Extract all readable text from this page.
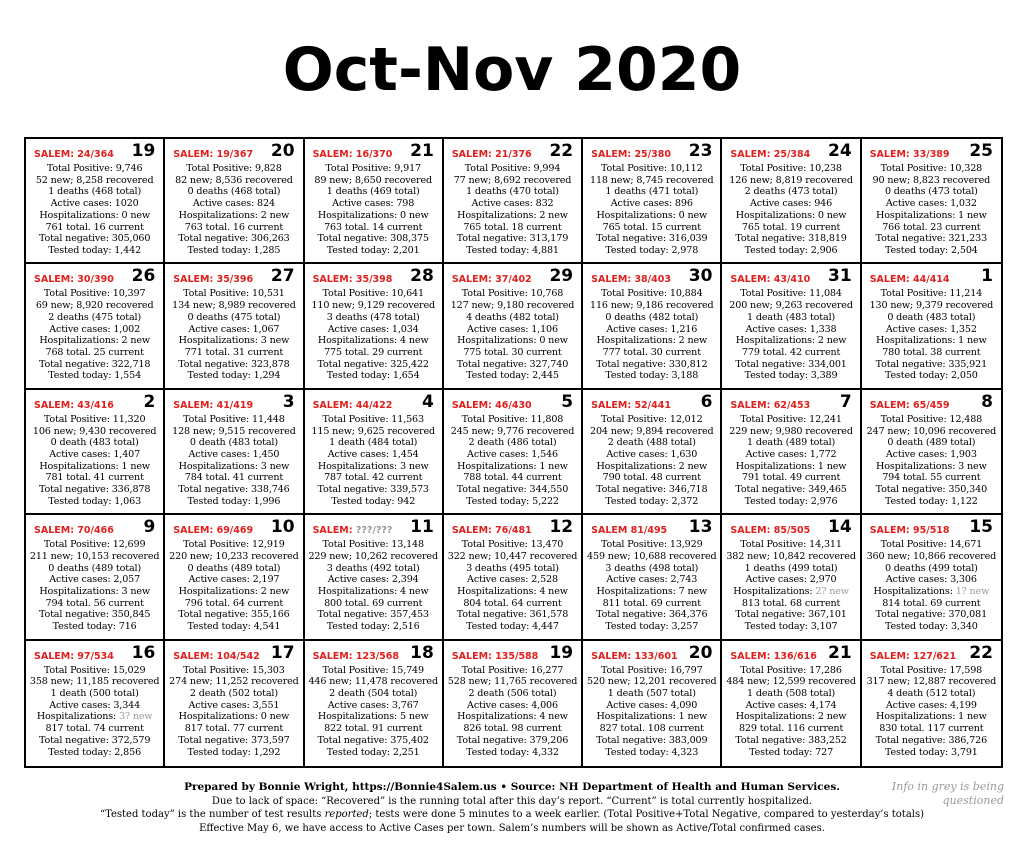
Oct-Nov 2020
SALEM: 24/364 19
Total Positive: 9,746
52 new; 8,258 recovered
1 deaths (468 total)
Active cases: 1020
Hospitalizations: 0 new
761 total. 16 current
Total negative: 305,060
Tested today: 1,442
SALEM: 19/367 20
Total Positive: 9,828
82 new; 8,536 recovered
0 deaths (468 total)
Active cases: 824
Hospitalizations: 2 new
763 total. 16 current
Total negative: 306,263
Tested today: 1,285
SALEM: 16/370 21
Total Positive: 9,917
89 new; 8,650 recovered
1 deaths (469 total)
Active cases: 798
Hospitalizations: 0 new
763 total. 14 current
Total negative: 308,375
Tested today: 2,201
SALEM: 21/376 22
Total Positive: 9,994
77 new; 8,692 recovered
1 deaths (470 total)
Active cases: 832
Hospitalizations: 2 new
765 total. 18 current
Total negative: 313,179
Tested today: 4,881
SALEM: 25/380 23
Total Positive: 10,112
118 new; 8,745 recovered
1 deaths (471 total)
Active cases: 896
Hospitalizations: 0 new
765 total. 15 current
Total negative: 316,039
Tested today: 2,978
SALEM: 25/384 24
Total Positive: 10,238
126 new; 8,819 recovered
2 deaths (473 total)
Active cases: 946
Hospitalizations: 0 new
765 total. 19 current
Total negative: 318,819
Tested today: 2,906
SALEM: 33/389 25
Total Positive: 10,328
90 new; 8,823 recovered
0 deaths (473 total)
Active cases: 1,032
Hospitalizations: 1 new
766 total. 23 current
Total negative: 321,233
Tested today: 2,504
SALEM: 30/390 26
Total Positive: 10,397
69 new; 8,920 recovered
2 deaths (475 total)
Active cases: 1,002
Hospitalizations: 2 new
768 total. 25 current
Total negative: 322,718
Tested today: 1,554
SALEM: 35/396 27
Total Positive: 10,531
134 new; 8,989 recovered
0 deaths (475 total)
Active cases: 1,067
Hospitalizations: 3 new
771 total. 31 current
Total negative: 323,878
Tested today: 1,294
SALEM: 35/398 28
Total Positive: 10,641
110 new; 9,129 recovered
3 deaths (478 total)
Active cases: 1,034
Hospitalizations: 4 new
775 total. 29 current
Total negative: 325,422
Tested today: 1,654
SALEM: 37/402 29
Total Positive: 10,768
127 new; 9,180 recovered
4 deaths (482 total)
Active cases: 1,106
Hospitalizations: 0 new
775 total. 30 current
Total negative: 327,740
Tested today: 2,445
SALEM: 38/403 30
Total Positive: 10,884
116 new; 9,186 recovered
0 deaths (482 total)
Active cases: 1,216
Hospitalizations: 2 new
777 total. 30 current
Total negative: 330,812
Tested today: 3,188
SALEM: 43/410 31
Total Positive: 11,084
200 new; 9,263 recovered
1 death (483 total)
Active cases: 1,338
Hospitalizations: 2 new
779 total. 42 current
Total negative: 334,001
Tested today: 3,389
SALEM: 44/414 1
Total Positive: 11,214
130 new; 9,379 recovered
0 death (483 total)
Active cases: 1,352
Hospitalizations: 1 new
780 total. 38 current
Total negative: 335,921
Tested today: 2,050
SALEM: 43/416 2
Total Positive: 11,320
106 new; 9,430 recovered
0 death (483 total)
Active cases: 1,407
Hospitalizations: 1 new
781 total. 41 current
Total negative: 336,878
Tested today: 1,063
SALEM: 41/419 3
Total Positive: 11,448
128 new; 9,515 recovered
0 death (483 total)
Active cases: 1,450
Hospitalizations: 3 new
784 total. 41 current
Total negative: 338,746
Tested today: 1,996
SALEM: 44/422 4
Total Positive: 11,563
115 new; 9,625 recovered
1 death (484 total)
Active cases: 1,454
Hospitalizations: 3 new
787 total. 42 current
Total negative: 339,573
Tested today: 942
SALEM: 46/430 5
Total Positive: 11,808
245 new; 9,776 recovered
2 death (486 total)
Active cases: 1,546
Hospitalizations: 1 new
788 total. 44 current
Total negative: 344,550
Tested today: 5,222
SALEM: 52/441 6
Total Positive: 12,012
204 new; 9,894 recovered
2 death (488 total)
Active cases: 1,630
Hospitalizations: 2 new
790 total. 48 current
Total negative: 346,718
Tested today: 2,372
SALEM: 62/453 7
Total Positive: 12,241
229 new; 9,980 recovered
1 death (489 total)
Active cases: 1,772
Hospitalizations: 1 new
791 total. 49 current
Total negative: 349,465
Tested today: 2,976
SALEM: 65/459 8
Total Positive: 12,488
247 new; 10,096 recovered
0 death (489 total)
Active cases: 1,903
Hospitalizations: 3 new
794 total. 55 current
Total negative: 350,340
Tested today: 1,122
SALEM: 70/466 9
Total Positive: 12,699
211 new; 10,153 recovered
0 deaths (489 total)
Active cases: 2,057
Hospitalizations: 3 new
794 total. 56 current
Total negative: 350,845
Tested today: 716
SALEM: 69/469 10
Total Positive: 12,919
220 new; 10,233 recovered
0 deaths (489 total)
Active cases: 2,197
Hospitalizations: 2 new
796 total. 64 current
Total negative: 355,166
Tested today: 4,541
SALEM: ???/??? 11
Total Positive: 13,148
229 new; 10,262 recovered
3 deaths (492 total)
Active cases: 2,394
Hospitalizations: 4 new
800 total. 69 current
Total negative: 357,453
Tested today: 2,516
SALEM: 76/481 12
Total Positive: 13,470
322 new; 10,447 recovered
3 deaths (495 total)
Active cases: 2,528
Hospitalizations: 4 new
804 total. 64 current
Total negative: 361,578
Tested today: 4,447
SALEM 81/495 13
Total Positive: 13,929
459 new; 10,688 recovered
3 deaths (498 total)
Active cases: 2,743
Hospitalizations: 7 new
811 total. 69 current
Total negative: 364,376
Tested today: 3,257
SALEM: 85/505 14
Total Positive: 14,311
382 new; 10,842 recovered
1 deaths (499 total)
Active cases: 2,970
Hospitalizations: 2? new
813 total. 68 current
Total negative: 367,101
Tested today: 3,107
SALEM: 95/518 15
Total Positive: 14,671
360 new; 10,866 recovered
0 deaths (499 total)
Active cases: 3,306
Hospitalizations: 1? new
814 total. 69 current
Total negative: 370,081
Tested today: 3,340
SALEM: 97/534 16
Total Positive: 15,029
358 new; 11,185 recovered
1 death (500 total)
Active cases: 3,344
Hospitalizations: 3? new
817 total. 74 current
Total negative: 372,579
Tested today: 2,856
SALEM: 104/542 17
Total Positive: 15,303
274 new; 11,252 recovered
2 death (502 total)
Active cases: 3,551
Hospitalizations: 0 new
817 total. 77 current
Total negative: 373,597
Tested today: 1,292
SALEM: 123/568 18
Total Positive: 15,749
446 new; 11,478 recovered
2 death (504 total)
Active cases: 3,767
Hospitalizations: 5 new
822 total. 91 current
Total negative: 375,402
Tested today: 2,251
SALEM: 135/588 19
Total Positive: 16,277
528 new; 11,765 recovered
2 death (506 total)
Active cases: 4,006
Hospitalizations: 4 new
826 total. 98 current
Total negative: 379,206
Tested today: 4,332
SALEM: 133/601 20
Total Positive: 16,797
520 new; 12,201 recovered
1 death (507 total)
Active cases: 4,090
Hospitalizations: 1 new
827 total. 108 current
Total negative: 383,009
Tested today: 4,323
SALEM: 136/616 21
Total Positive: 17,286
484 new; 12,599 recovered
1 death (508 total)
Active cases: 4,174
Hospitalizations: 2 new
829 total. 116 current
Total negative: 383,252
Tested today: 727
SALEM: 127/621 22
Total Positive: 17,598
317 new; 12,887 recovered
4 death (512 total)
Active cases: 4,199
Hospitalizations: 1 new
830 total. 117 current
Total negative: 386,726
Tested today: 3,791
Prepared by Bonnie Wright, https://Bonnie4Salem.us • Source: NH Department of Health and Human Services.
Due to lack of space: “Recovered” is the running total after this day’s report. “Current” is total currently hospitalized.
“Tested today” is the number of test results reported; tests were done 5 minutes to a week earlier. (Total Positive+Total Negative, compared to yesterday’s totals)
Effective May 6, we have access to Active Cases per town. Salem’s numbers will be shown as Active/Total confirmed cases.
Info in grey is being questioned
